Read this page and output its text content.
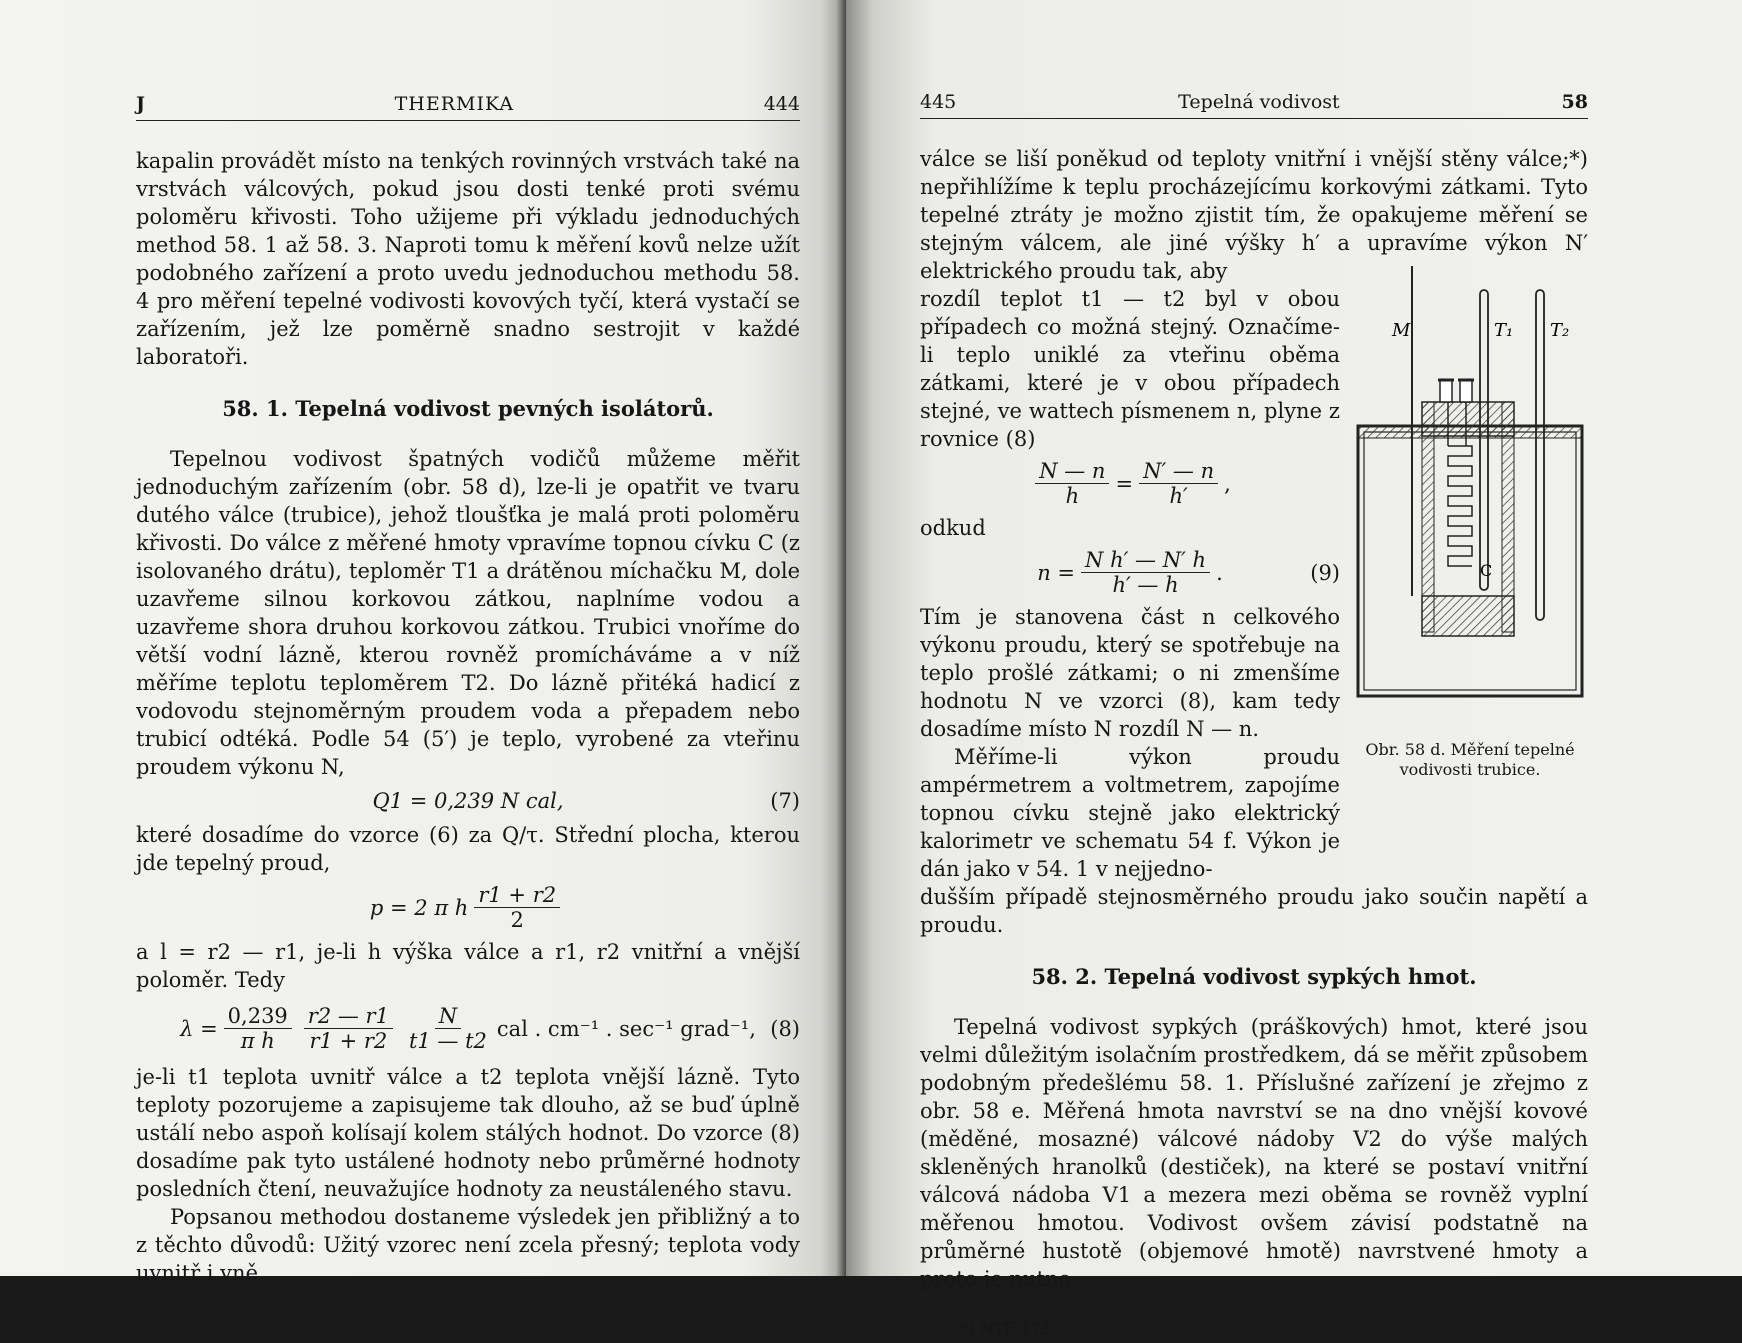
J	THERMIKA	444

kapalin provádět místo na tenkých rovinných vrstvách také na vrstvách válcových, pokud jsou dosti tenké proti svému poloměru křivosti. Toho užijeme při výkladu jednoduchých method 58. 1 až 58. 3. Naproti tomu k měření kovů nelze užít podobného zařízení a proto uvedu jednoduchou methodu 58. 4 pro měření tepelné vodivosti kovových tyčí, která vystačí se zařízením, jež lze poměrně snadno sestrojit v každé laboratoři.

58. 1. Tepelná vodivost pevných isolátorů.

Tepelnou vodivost špatných vodičů můžeme měřit jednoduchým zařízením (obr. 58 d), lze-li je opatřit ve tvaru dutého válce (trubice), jehož tloušťka je malá proti poloměru křivosti. Do válce z měřené hmoty vpravíme topnou cívku C (z isolovaného drátu), teploměr T1 a drátěnou míchačku M, dole uzavřeme silnou korkovou zátkou, naplníme vodou a uzavřeme shora druhou korkovou zátkou. Trubici vnoříme do větší vodní lázně, kterou rovněž promícháváme a v níž měříme teplotu teploměrem T2. Do lázně přitéká hadicí z vodovodu stejnoměrným proudem voda a přepadem nebo trubicí odtéká. Podle 54 (5′) je teplo, vyrobené za vteřinu proudem výkonu N,

Q1 = 0,239 N cal,	(7)

které dosadíme do vzorce (6) za Q/τ. Střední plocha, kterou jde tepelný proud,

p = 2 π h $\frac{r1 + r2}{2}$

a l = r2 — r1, je-li h výška válce a r1, r2 vnitřní a vnější poloměr. Tedy

$\lambda = \frac{0,239}{\text{π h}} \frac{r2 — r1}{r1 + r2} \frac{N}{t1 — t2}$ cal . cm⁻¹ . sec⁻¹ grad⁻¹, (8)

je-li t1 teplota uvnitř válce a t2 teplota vnější lázně. Tyto teploty pozorujeme a zapisujeme tak dlouho, až se buď úplně ustálí nebo aspoň kolísají kolem stálých hodnot. Do vzorce (8) dosadíme pak tyto ustálené hodnoty nebo průměrné hodnoty posledních čtení, neuvažujíce hodnoty za neustáleného stavu.

Popsanou methodou dostaneme výsledek jen přibližný a to z těchto důvodů: Užitý vzorec není zcela přesný; teplota vody uvnitř i vně

445	Tepelná vodivost	58

válce se liší poněkud od teploty vnitřní i vnější stěny válce;*) nepřihlížíme k teplu procházejícímu korkovými zátkami. Tyto tepelné ztráty je možno zjistit tím, že opakujeme měření se stejným válcem, ale jiné výšky h′ a upravíme výkon N′ elektrického proudu tak, aby

rozdíl teplot t1 — t2 byl v obou případech co možná stejný. Označíme-li teplo uniklé za vteřinu oběma zátkami, které je v obou případech stejné, ve wattech písmenem n, plyne z rovnice (8)

$\frac{N — n}{h} = \frac{N' — n}{h'}$ ,

odkud

$n = \frac{\text{N h′ — N′ h}}{h' — h}$ .	(9)

Tím je stanovena část n celkového výkonu proudu, který se spotřebuje na teplo prošlé zátkami; o ni zmenšíme hodnotu N ve vzorci (8), kam tedy dosadíme místo N rozdíl N — n.

Měříme-li výkon proudu ampérmetrem a voltmetrem, zapojíme topnou cívku stejně jako elektrický kalorimetr ve schematu 54 f. Výkon je dán jako v 54. 1 v nejjedno-

dušším případě stejnosměrného proudu jako součin napětí a proudu.

M	T₁ T₂
C
Obr. 58 d. Měření tepelné vodivosti trubice.
58. 2. Tepelná vodivost sypkých hmot.

Tepelná vodivost sypkých (práškových) hmot, které jsou velmi důležitým isolačním prostředkem, dá se měřit způsobem podobným předešlému 58. 1. Příslušné zařízení je zřejmo z obr. 58 e. Měřená hmota navrství se na dno vnější kovové (měděné, mosazné) válcové nádoby V2 do výše malých skleněných hranolků (destiček), na které se postaví vnitřní válcová nádoba V1 a mezera mezi oběma se rovněž vyplní měřenou hmotou. Vodivost ovšem závisí podstatně na průměrné hustotě (objemové hmotě) navrstvené hmoty a proto je nutno

*) NTF 173.
